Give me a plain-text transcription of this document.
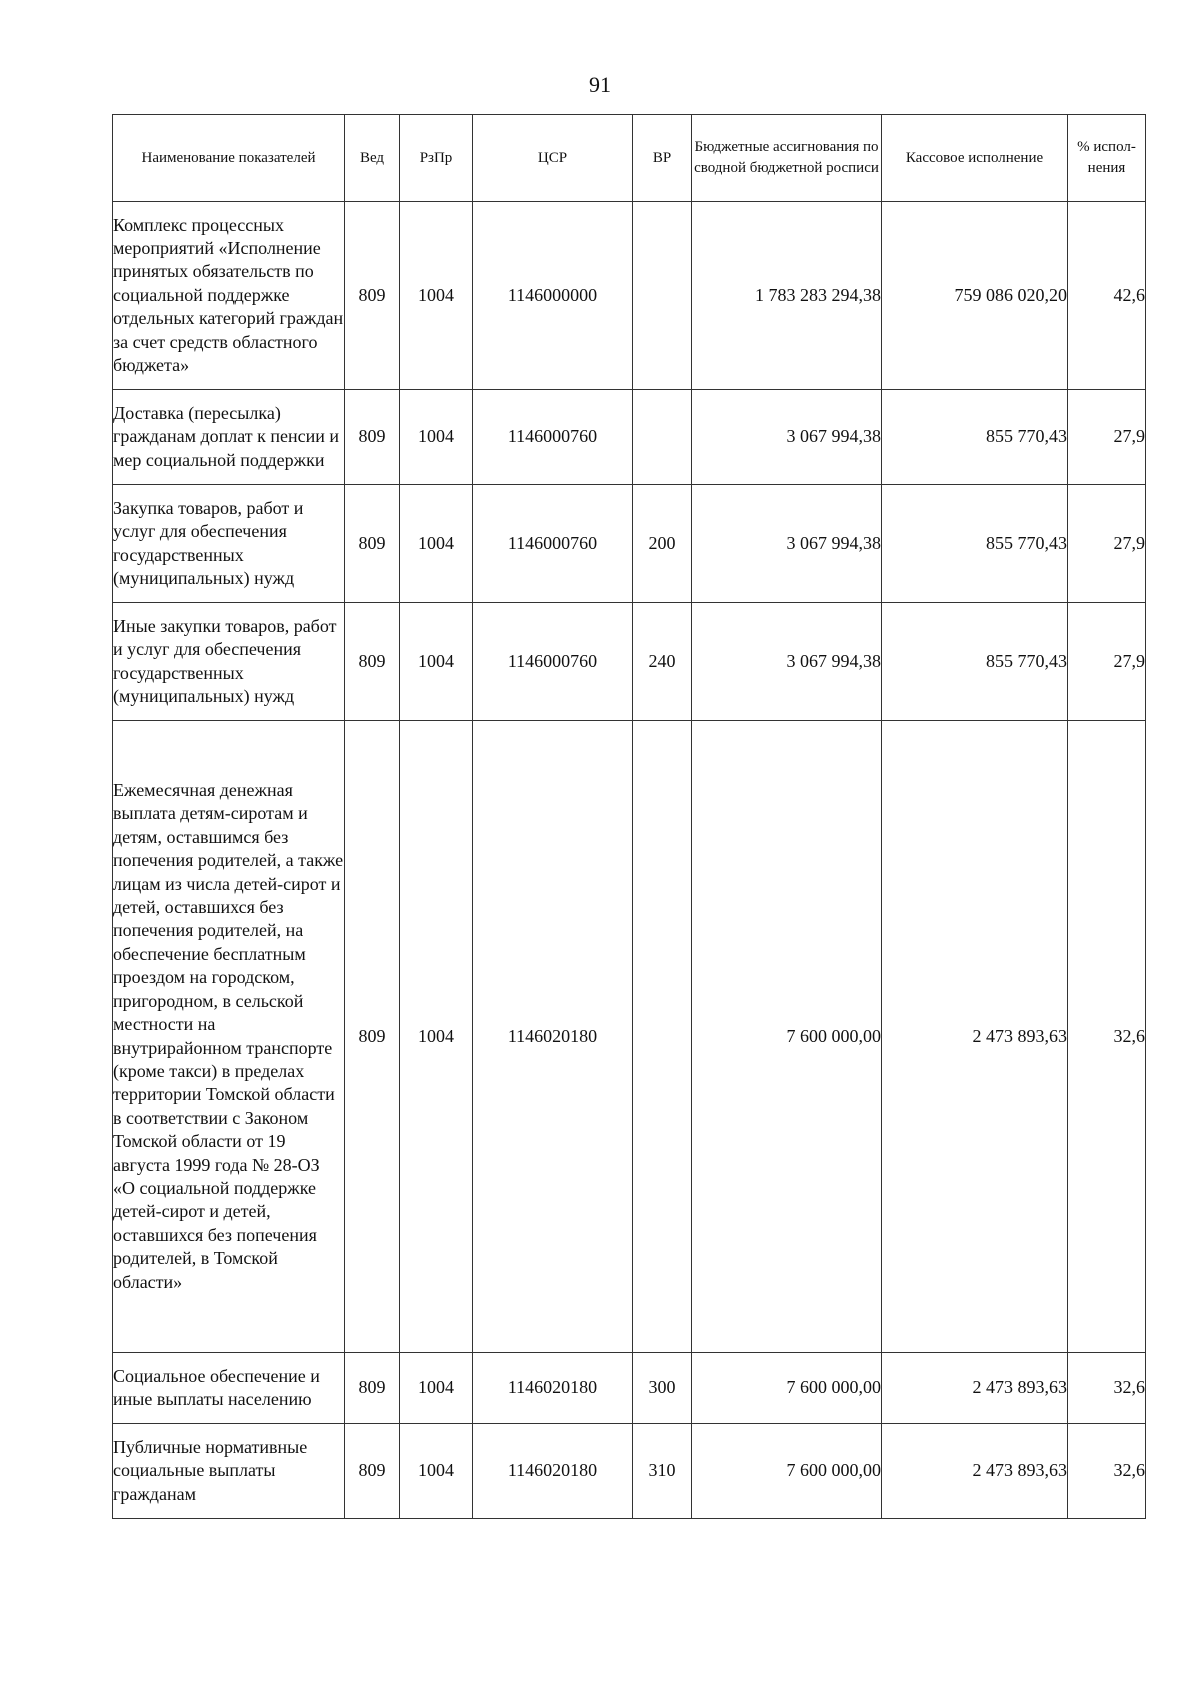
91
Наименование показателей	Вед	РзПр	ЦСР	ВР	Бюджетные ассигнования по сводной бюджетной росписи	Кассовое исполнение	% испол-нения
Комплекс процессных мероприятий «Исполнение принятых обязательств по социальной поддержке отдельных категорий граждан за счет средств областного бюджета»	809	1004	1146000000		1 783 283 294,38	759 086 020,20	42,6
Доставка (пересылка) гражданам доплат к пенсии и мер социальной поддержки	809	1004	1146000760		3 067 994,38	855 770,43	27,9
Закупка товаров, работ и услуг для обеспечения государственных (муниципальных) нужд	809	1004	1146000760	200	3 067 994,38	855 770,43	27,9
Иные закупки товаров, работ и услуг для обеспечения государственных (муниципальных) нужд	809	1004	1146000760	240	3 067 994,38	855 770,43	27,9
Ежемесячная денежная выплата детям-сиротам и детям, оставшимся без попечения родителей, а также лицам из числа детей-сирот и детей, оставшихся без попечения родителей, на обеспечение бесплатным проездом на городском, пригородном, в сельской местности на внутрирайонном транспорте (кроме такси) в пределах территории Томской области в соответствии с Законом Томской области от 19 августа 1999 года № 28-ОЗ «О социальной поддержке детей-сирот и детей, оставшихся без попечения родителей, в Томской области»	809	1004	1146020180		7 600 000,00	2 473 893,63	32,6
Социальное обеспечение и иные выплаты населению	809	1004	1146020180	300	7 600 000,00	2 473 893,63	32,6
Публичные нормативные социальные выплаты гражданам	809	1004	1146020180	310	7 600 000,00	2 473 893,63	32,6
